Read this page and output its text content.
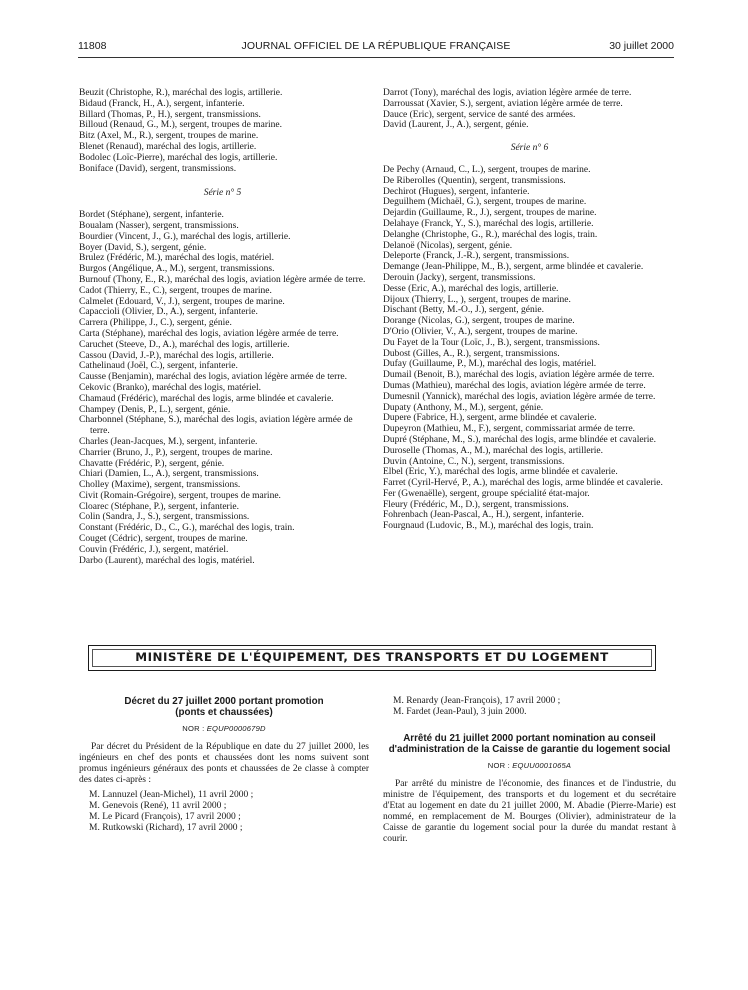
11808	JOURNAL OFFICIEL DE LA RÉPUBLIQUE FRANÇAISE	30 juillet 2000
Beuzit (Christophe, R.), maréchal des logis, artillerie.
Bidaud (Franck, H., A.), sergent, infanterie.
Billard (Thomas, P., H.), sergent, transmissions.
Billoud (Renaud, G., M.), sergent, troupes de marine.
Bitz (Axel, M., R.), sergent, troupes de marine.
Blenet (Renaud), maréchal des logis, artillerie.
Bodolec (Loïc-Pierre), maréchal des logis, artillerie.
Boniface (David), sergent, transmissions.
Série n° 5
Bordet (Stéphane), sergent, infanterie.
Boualam (Nasser), sergent, transmissions.
Bourdier (Vincent, J., G.), maréchal des logis, artillerie.
Boyer (David, S.), sergent, génie.
Brulez (Frédéric, M.), maréchal des logis, matériel.
Burgos (Angélique, A., M.), sergent, transmissions.
Burnouf (Thony, E., R.), maréchal des logis, aviation légère armée de terre.
Cadot (Thierry, E., C.), sergent, troupes de marine.
Calmelet (Edouard, V., J.), sergent, troupes de marine.
Capaccioli (Olivier, D., A.), sergent, infanterie.
Carrera (Philippe, J., C.), sergent, génie.
Carta (Stéphane), maréchal des logis, aviation légère armée de terre.
Caruchet (Steeve, D., A.), maréchal des logis, artillerie.
Cassou (David, J.-P.), maréchal des logis, artillerie.
Cathelinaud (Joël, C.), sergent, infanterie.
Causse (Benjamin), maréchal des logis, aviation légère armée de terre.
Cekovic (Branko), maréchal des logis, matériel.
Chamaud (Frédéric), maréchal des logis, arme blindée et cavalerie.
Champey (Denis, P., L.), sergent, génie.
Charbonnel (Stéphane, S.), maréchal des logis, aviation légère armée de terre.
Charles (Jean-Jacques, M.), sergent, infanterie.
Charrier (Bruno, J., P.), sergent, troupes de marine.
Chavatte (Frédéric, P.), sergent, génie.
Chiari (Damien, L., A.), sergent, transmissions.
Cholley (Maxime), sergent, transmissions.
Civit (Romain-Grégoire), sergent, troupes de marine.
Cloarec (Stéphane, P.), sergent, infanterie.
Colin (Sandra, J., S.), sergent, transmissions.
Constant (Frédéric, D., C., G.), maréchal des logis, train.
Couget (Cédric), sergent, troupes de marine.
Couvin (Frédéric, J.), sergent, matériel.
Darbo (Laurent), maréchal des logis, matériel.
Darrot (Tony), maréchal des logis, aviation légère armée de terre.
Darroussat (Xavier, S.), sergent, aviation légère armée de terre.
Dauce (Eric), sergent, service de santé des armées.
David (Laurent, J., A.), sergent, génie.
Série n° 6
De Pechy (Arnaud, C., L.), sergent, troupes de marine.
De Riberolles (Quentin), sergent, transmissions.
Dechirot (Hugues), sergent, infanterie.
Deguilhem (Michaël, G.), sergent, troupes de marine.
Dejardin (Guillaume, R., J.), sergent, troupes de marine.
Delahaye (Franck, Y., S.), maréchal des logis, artillerie.
Delanghe (Christophe, G., R.), maréchal des logis, train.
Delanoë (Nicolas), sergent, génie.
Deleporte (Franck, J.-R.), sergent, transmissions.
Demange (Jean-Philippe, M., B.), sergent, arme blindée et cavalerie.
Derouin (Jacky), sergent, transmissions.
Desse (Eric, A.), maréchal des logis, artillerie.
Dijoux (Thierry, L., ), sergent, troupes de marine.
Dischant (Betty, M.-O., J.), sergent, génie.
Dorange (Nicolas, G.), sergent, troupes de marine.
D'Orio (Olivier, V., A.), sergent, troupes de marine.
Du Fayet de la Tour (Loïc, J., B.), sergent, transmissions.
Dubost (Gilles, A., R.), sergent, transmissions.
Dufay (Guillaume, P., M.), maréchal des logis, matériel.
Dumail (Benoit, B.), maréchal des logis, aviation légère armée de terre.
Dumas (Mathieu), maréchal des logis, aviation légère armée de terre.
Dumesnil (Yannick), maréchal des logis, aviation légère armée de terre.
Dupaty (Anthony, M., M.), sergent, génie.
Dupere (Fabrice, H.), sergent, arme blindée et cavalerie.
Dupeyron (Mathieu, M., F.), sergent, commissariat armée de terre.
Dupré (Stéphane, M., S.), maréchal des logis, arme blindée et cavalerie.
Duroselle (Thomas, A., M.), maréchal des logis, artillerie.
Duvin (Antoine, C., N.), sergent, transmissions.
Elbel (Eric, Y.), maréchal des logis, arme blindée et cavalerie.
Farret (Cyril-Hervé, P., A.), maréchal des logis, arme blindée et cavalerie.
Fer (Gwenaëlle), sergent, groupe spécialité état-major.
Fleury (Frédéric, M., D.), sergent, transmissions.
Fohrenbach (Jean-Pascal, A., H.), sergent, infanterie.
Fourgnaud (Ludovic, B., M.), maréchal des logis, train.
MINISTÈRE DE L'ÉQUIPEMENT, DES TRANSPORTS ET DU LOGEMENT
Décret du 27 juillet 2000 portant promotion
(ponts et chaussées)
NOR : EQUP0000679D

Par décret du Président de la République en date du 27 juillet 2000, les ingénieurs en chef des ponts et chaussées dont les noms suivent sont promus ingénieurs généraux des ponts et chaussées de 2e classe à compter des dates ci-après :

M. Lannuzel (Jean-Michel), 11 avril 2000 ;

M. Genevois (René), 11 avril 2000 ;

M. Le Picard (François), 17 avril 2000 ;

M. Rutkowski (Richard), 17 avril 2000 ;

M. Renardy (Jean-François), 17 avril 2000 ;

M. Fardet (Jean-Paul), 3 juin 2000.

Arrêté du 21 juillet 2000 portant nomination au conseil d'administration de la Caisse de garantie du logement social
NOR : EQUU0001065A

Par arrêté du ministre de l'économie, des finances et de l'industrie, du ministre de l'équipement, des transports et du logement et du secrétaire d'Etat au logement en date du 21 juillet 2000, M. Abadie (Pierre-Marie) est nommé, en remplacement de M. Bourges (Olivier), administrateur de la Caisse de garantie du logement social pour la durée du mandat restant à courir.
